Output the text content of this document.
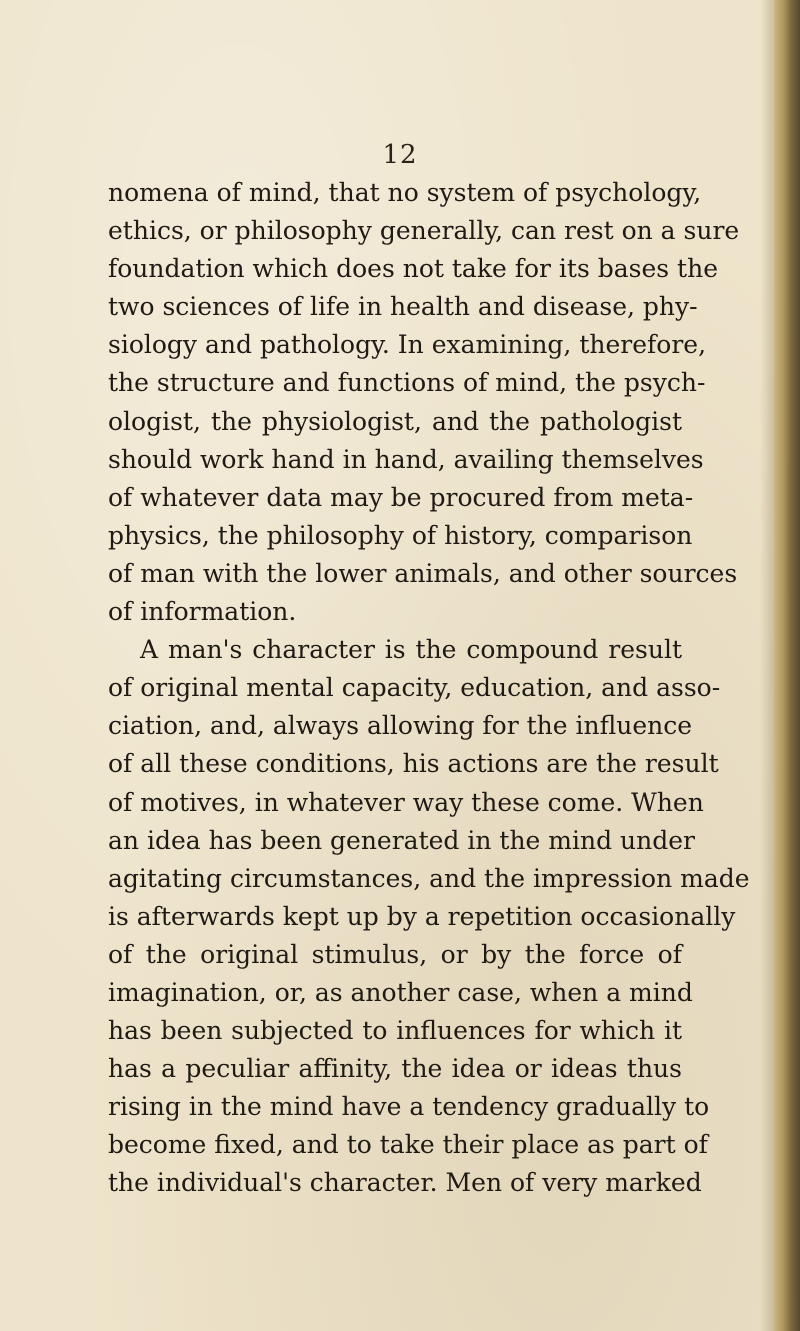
12
nomena of mind, that no system of psychology,
ethics, or philosophy generally, can rest on a sure
foundation which does not take for its bases the
two sciences of life in health and disease, phy-
siology and pathology. In examining, therefore,
the structure and functions of mind, the psych-
ologist, the physiologist, and the pathologist
should work hand in hand, availing themselves
of whatever data may be procured from meta-
physics, the philosophy of history, comparison
of man with the lower animals, and other sources
of information.
A man's character is the compound result
of original mental capacity, education, and asso-
ciation, and, always allowing for the influence
of all these conditions, his actions are the result
of motives, in whatever way these come. When
an idea has been generated in the mind under
agitating circumstances, and the impression made
is afterwards kept up by a repetition occasionally
of the original stimulus, or by the force of
imagination, or, as another case, when a mind
has been subjected to influences for which it
has a peculiar affinity, the idea or ideas thus
rising in the mind have a tendency gradually to
become fixed, and to take their place as part of
the individual's character. Men of very marked
